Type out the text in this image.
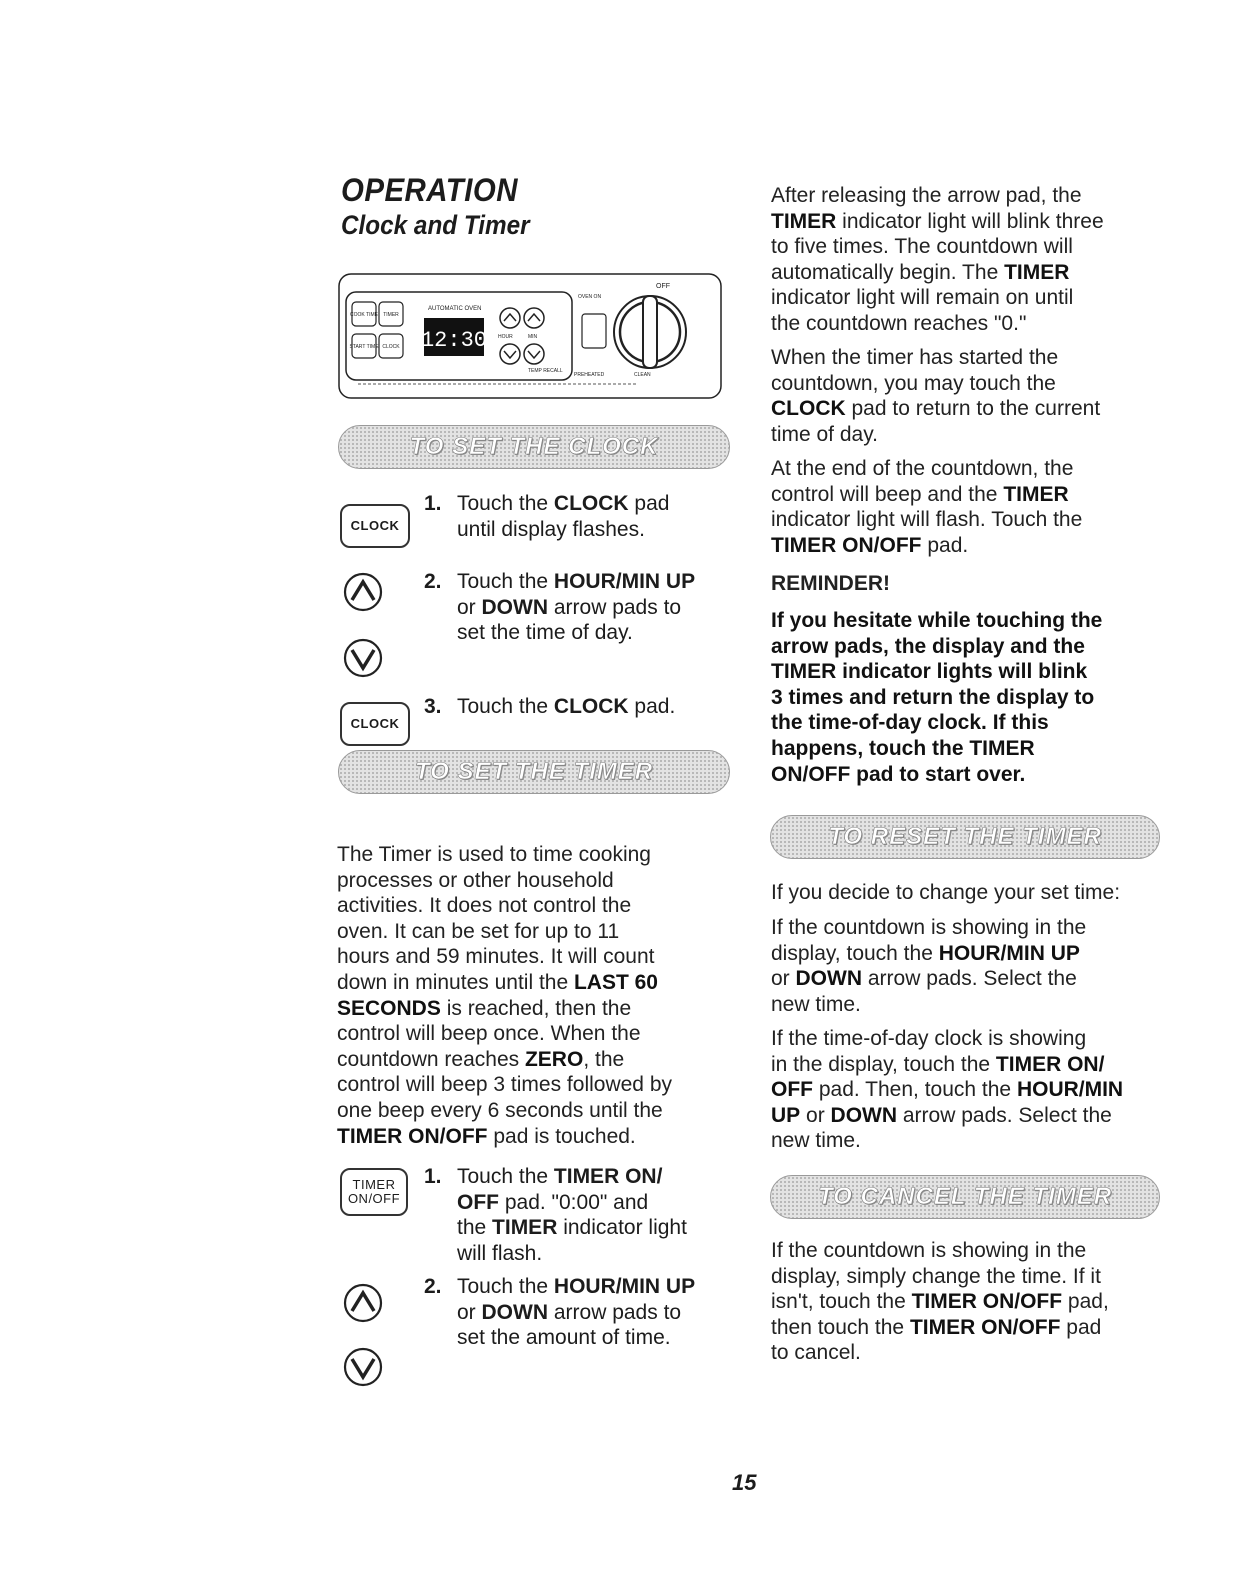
OPERATION
Clock and Timer
COOK TIME TIMER
START TIME CLOCK
AUTOMATIC OVEN
12:30 HOUR	MIN
TEMP RECALL
OVEN ON
PREHEATED
OFF
CLEAN
TO SET THE CLOCK
CLOCK
1. Touch the CLOCK pad
until display flashes.
2. Touch the HOUR/MIN UP
or DOWN arrow pads to
set the time of day.
CLOCK
3. Touch the CLOCK pad.
TO SET THE TIMER
The Timer is used to time cooking
processes or other household
activities. It does not control the
oven. It can be set for up to 11
hours and 59 minutes. It will count
down in minutes until the LAST 60
SECONDS is reached, then the
control will beep once. When the
countdown reaches ZERO, the
control will beep 3 times followed by
one beep every 6 seconds until the
TIMER ON/OFF pad is touched.
TIMER
ON/OFF
1. Touch the TIMER ON/
OFF pad. "0:00" and
the TIMER indicator light
will flash.
2. Touch the HOUR/MIN UP
or DOWN arrow pads to
set the amount of time.
After releasing the arrow pad, the
TIMER indicator light will blink three
to five times. The countdown will
automatically begin. The TIMER
indicator light will remain on until
the countdown reaches "0."
When the timer has started the
countdown, you may touch the
CLOCK pad to return to the current
time of day.
At the end of the countdown, the
control will beep and the TIMER
indicator light will flash. Touch the
TIMER ON/OFF pad.
REMINDER!
If you hesitate while touching the
arrow pads, the display and the
TIMER indicator lights will blink
3 times and return the display to
the time-of-day clock. If this
happens, touch the TIMER
ON/OFF pad to start over.
TO RESET THE TIMER
If you decide to change your set time:
If the countdown is showing in the
display, touch the HOUR/MIN UP
or DOWN arrow pads. Select the
new time.
If the time-of-day clock is showing
in the display, touch the TIMER ON/
OFF pad. Then, touch the HOUR/MIN
UP or DOWN arrow pads. Select the
new time.
TO CANCEL THE TIMER
If the countdown is showing in the
display, simply change the time. If it
isn't, touch the TIMER ON/OFF pad,
then touch the TIMER ON/OFF pad
to cancel.
15
